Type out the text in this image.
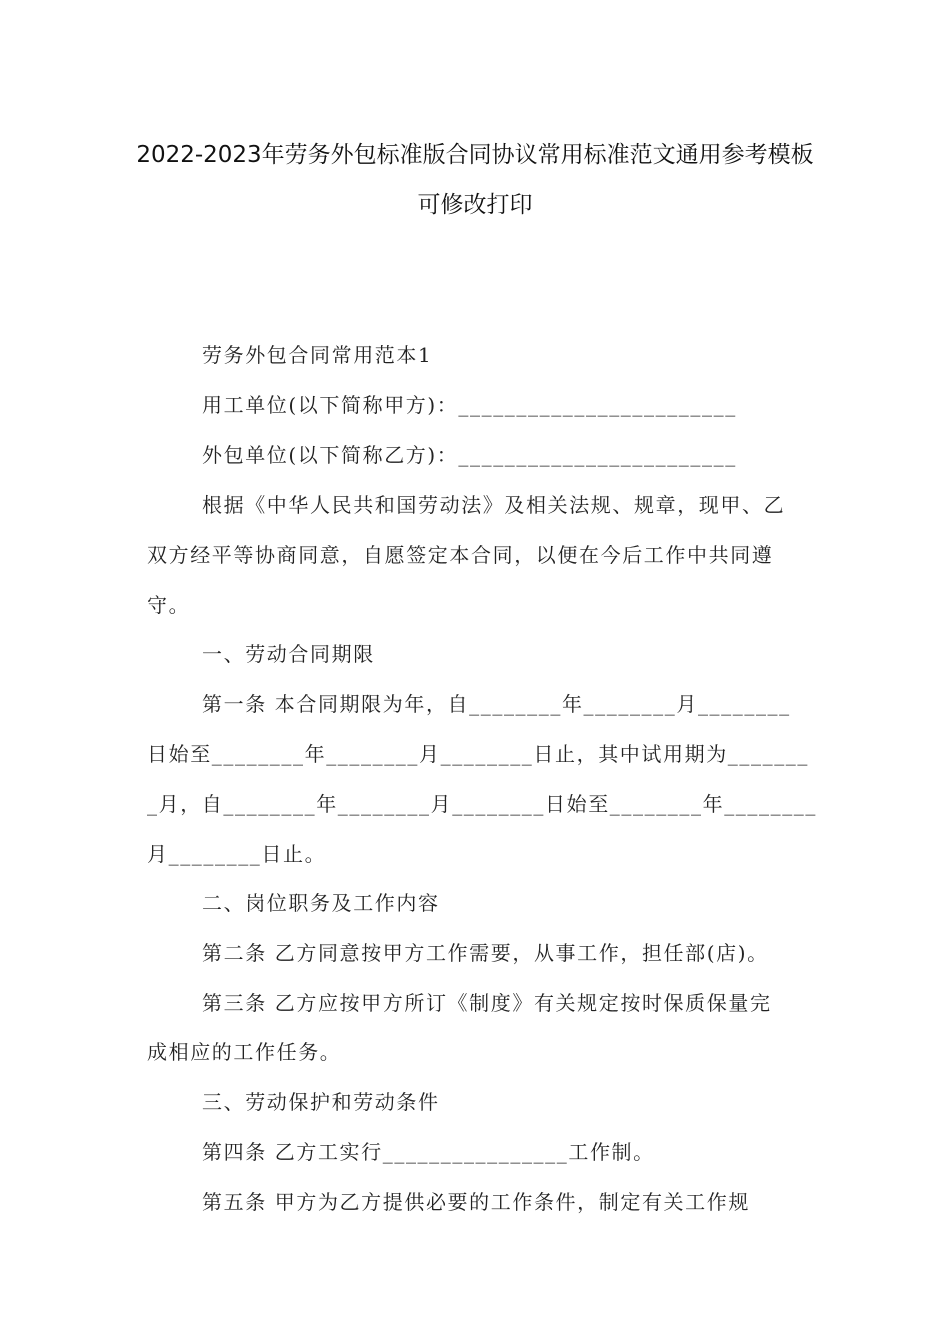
2022-2023年劳务外包标准版合同协议常用标准范文通用参考模板
可修改打印
劳务外包合同常用范本1
用工单位(以下简称甲方)：________________________
外包单位(以下简称乙方)：________________________
根据《中华人民共和国劳动法》及相关法规、规章，现甲、乙
双方经平等协商同意，自愿签定本合同，以便在今后工作中共同遵
守。
一、劳动合同期限
第一条 本合同期限为年，自________年________月________
日始至________年________月________日止，其中试用期为_______
_月，自________年________月________日始至________年________
月________日止。
二、岗位职务及工作内容
第二条 乙方同意按甲方工作需要，从事工作，担任部(店)。
第三条 乙方应按甲方所订《制度》有关规定按时保质保量完
成相应的工作任务。
三、劳动保护和劳动条件
第四条 乙方工实行________________工作制。
第五条 甲方为乙方提供必要的工作条件，制定有关工作规
